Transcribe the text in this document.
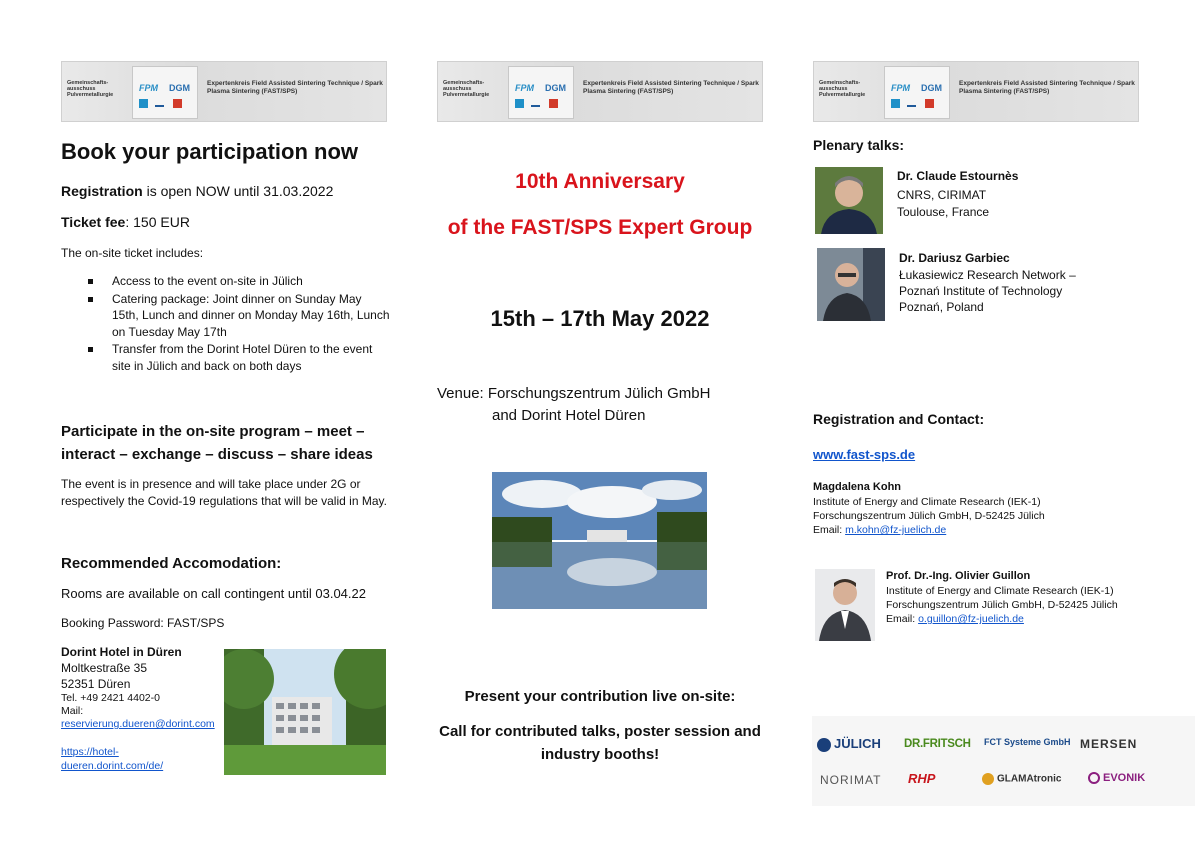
Gemeinschafts-ausschuss Pulvermetallurgie
FPM DGM	Expertenkreis Field Assisted Sintering Technique / Spark Plasma Sintering (FAST/SPS)
Gemeinschafts-ausschuss Pulvermetallurgie
FPM DGM	Expertenkreis Field Assisted Sintering Technique / Spark Plasma Sintering (FAST/SPS)
Gemeinschafts-ausschuss Pulvermetallurgie
FPM DGM	Expertenkreis Field Assisted Sintering Technique / Spark Plasma Sintering (FAST/SPS)
Book your participation now
Registration is open NOW until 31.03.2022
Ticket fee: 150 EUR
The on-site ticket includes:
Access to the event on-site in Jülich
Catering package: Joint dinner on Sunday May 15th, Lunch and dinner on Monday May 16th, Lunch on Tuesday May 17th
Transfer from the Dorint Hotel Düren to the event site in Jülich and back on both days
Participate in the on-site program – meet – interact – exchange – discuss – share ideas
The event is in presence and will take place under 2G or respectively the Covid-19 regulations that will be valid in May.
Recommended Accomodation:
Rooms are available on call contingent until 03.04.22
Booking Password: FAST/SPS
Dorint Hotel in Düren
Moltkestraße 35
52351 Düren
Tel. +49 2421 4402-0
Mail:
reservierung.dueren@dorint.com
https://hotel-dueren.dorint.com/de/
10th Anniversary
of the FAST/SPS Expert Group
15th – 17th May 2022
Venue: Forschungszentrum Jülich GmbH
and Dorint Hotel Düren
Present your contribution live on-site:
Call for contributed talks, poster session and industry booths!
Plenary talks:
Dr. Claude Estournès
CNRS, CIRIMAT
Toulouse, France
Dr. Dariusz Garbiec
Łukasiewicz Research Network –
Poznań Institute of Technology
Poznań, Poland
Registration and Contact:
www.fast-sps.de
Magdalena Kohn
Institute of Energy and Climate Research (IEK-1)
Forschungszentrum Jülich GmbH, D-52425 Jülich
Email: m.kohn@fz-juelich.de
Prof. Dr.-Ing. Olivier Guillon
Institute of Energy and Climate Research (IEK-1)
Forschungszentrum Jülich GmbH, D-52425 Jülich
Email: o.guillon@fz-juelich.de
JÜLICH DR.FRITSCH FCT Systeme GmbH MERSEN
NORIMAT RHP	GLAMAtronic	EVONIK
